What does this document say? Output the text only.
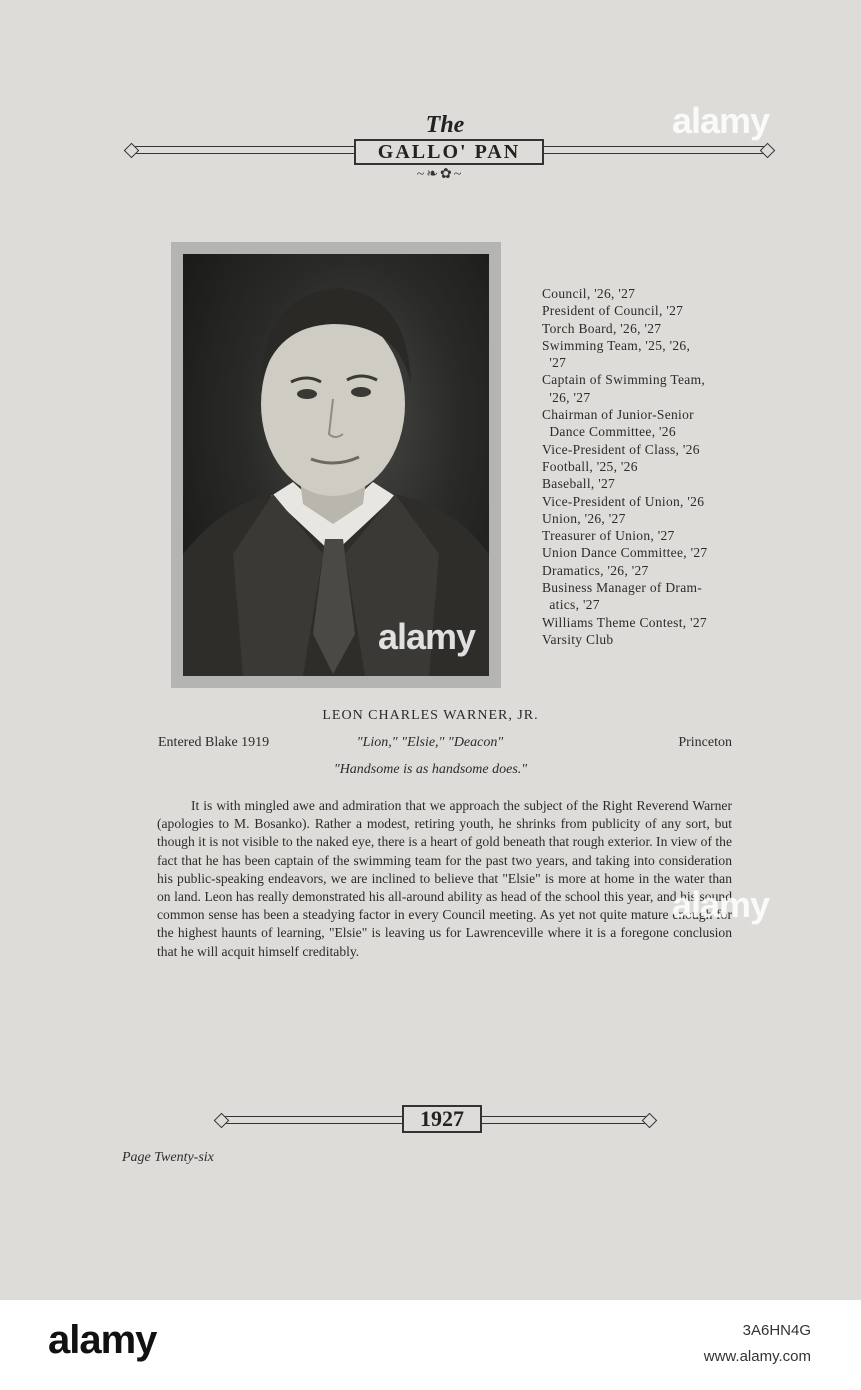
The
GALLO' PAN
~❧✿~
Council, '26, '27
President of Council, '27
Torch Board, '26, '27
Swimming Team, '25, '26,
'27
Captain of Swimming Team,
'26, '27
Chairman of Junior-Senior
Dance Committee, '26
Vice-President of Class, '26
Football, '25, '26
Baseball, '27
Vice-President of Union, '26
Union, '26, '27
Treasurer of Union, '27
Union Dance Committee, '27
Dramatics, '26, '27
Business Manager of Dram-
atics, '27
Williams Theme Contest, '27
Varsity Club
LEON CHARLES WARNER, JR.
Entered Blake 1919	"Lion," "Elsie," "Deacon"	Princeton
"Handsome is as handsome does."
It is with mingled awe and admiration that we approach the subject of the Right Reverend Warner (apologies to M. Bosanko). Rather a modest, retiring youth, he shrinks from publicity of any sort, but though it is not visible to the naked eye, there is a heart of gold beneath that rough exterior. In view of the fact that he has been captain of the swimming team for the past two years, and taking into consideration his public-speaking endeavors, we are inclined to believe that "Elsie" is more at home in the water than on land. Leon has really demonstrated his all-around ability as head of the school this year, and his sound common sense has been a steadying factor in every Council meeting. As yet not quite mature enough for the highest haunts of learning, "Elsie" is leaving us for Lawrenceville where it is a foregone conclusion that he will acquit himself creditably.
1927
Page Twenty-six
alamy
alamy
alamy
alamy	3A6HN4G
www.alamy.com
